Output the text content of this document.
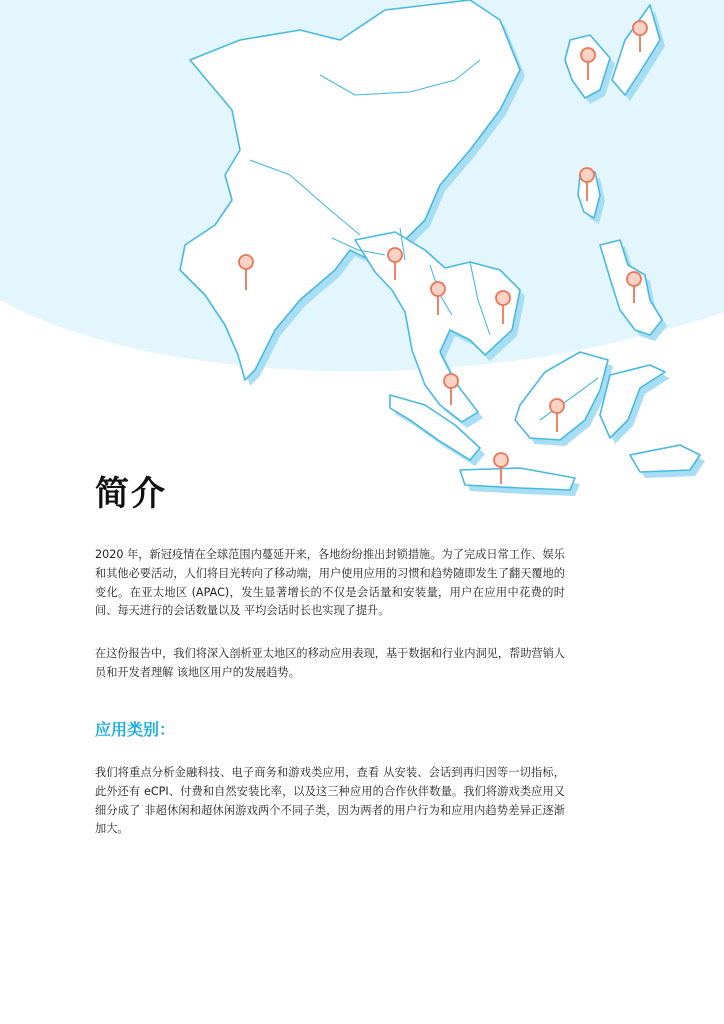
简介

2020 年，新冠疫情在全球范围内蔓延开来，各地纷纷推出封锁措施。为了完成日常工作、娱乐和其他必要活动，人们将目光转向了移动端，用户使用应用的习惯和趋势随即发生了翻天覆地的变化。在亚太地区 (APAC)，发生显著增长的不仅是会话量和安装量，用户在应用中花费的时间、每天进行的会话数量以及 平均会话时长也实现了提升。

在这份报告中，我们将深入剖析亚太地区的移动应用表现，基于数据和行业内洞见，帮助营销人员和开发者理解 该地区用户的发展趋势。

应用类别：

我们将重点分析金融科技、电子商务和游戏类应用，查看 从安装、会话到再归因等一切指标，此外还有 eCPI、付费和自然安装比率，以及这三种应用的合作伙伴数量。我们将游戏类应用又细分成了 非超休闲和超休闲游戏两个不同子类，因为两者的用户行为和应用内趋势差异正逐渐加大。
